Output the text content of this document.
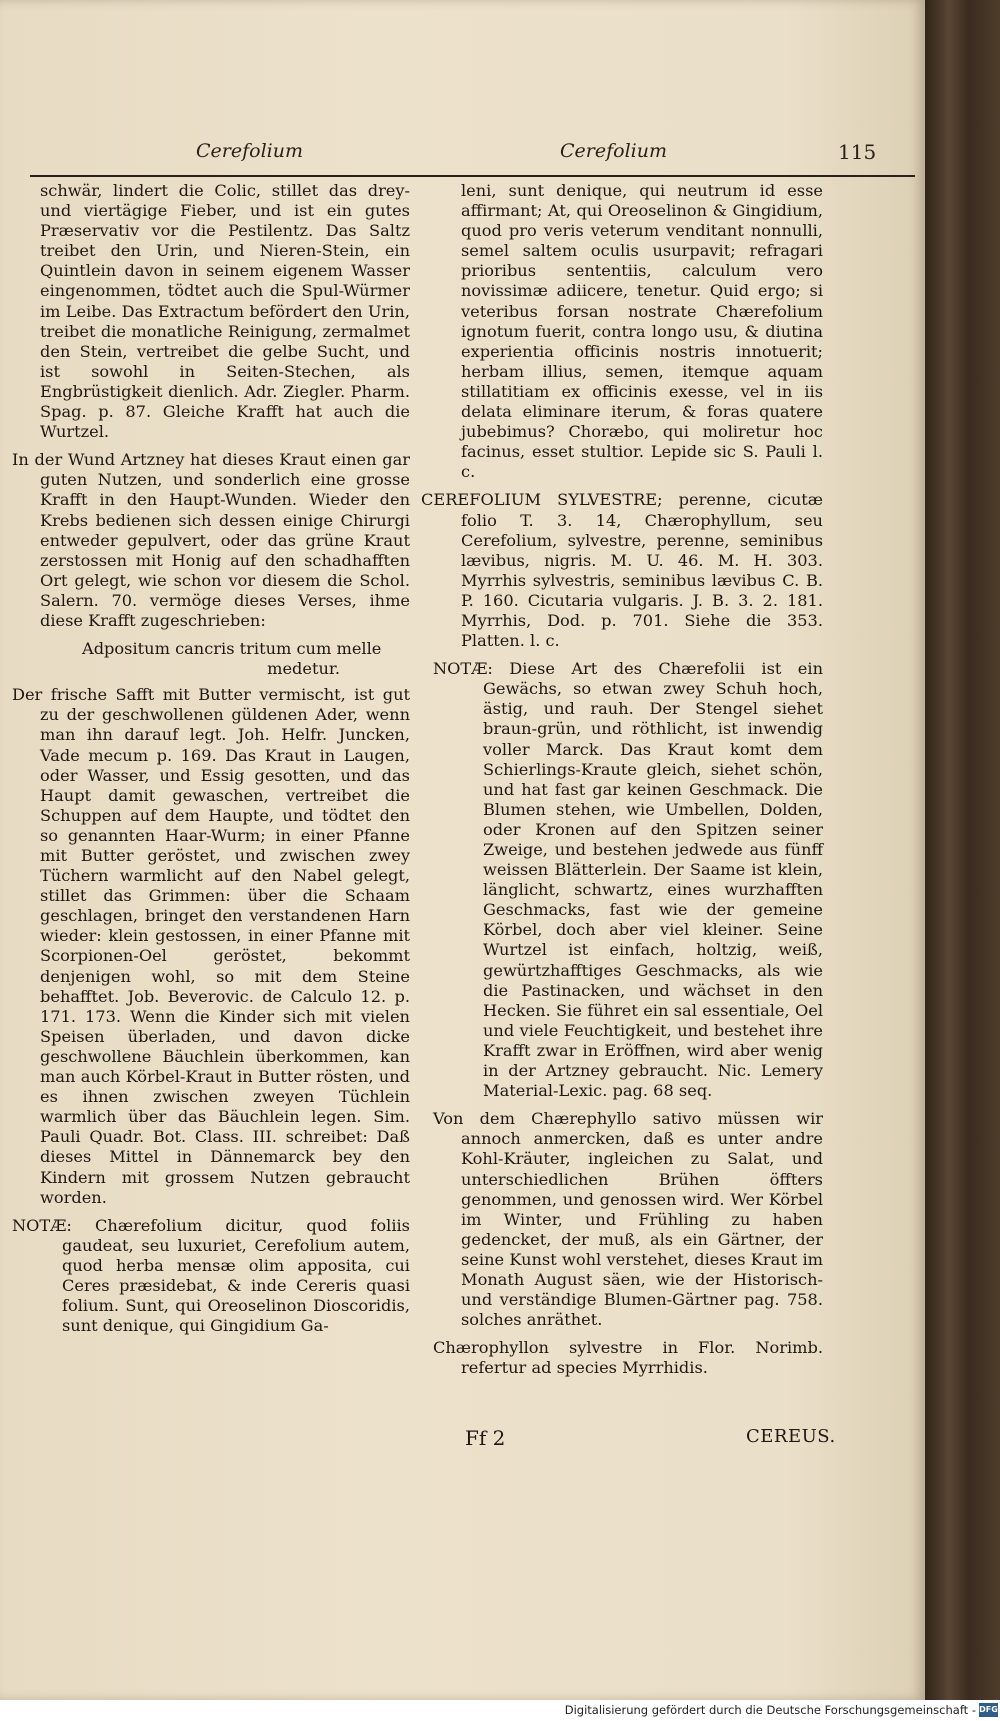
Cerefolium	Cerefolium	115

schwär, lindert die Colic, stillet das drey- und viertägige Fieber, und ist ein gutes Præservativ vor die Pestilentz. Das Saltz treibet den Urin, und Nieren-Stein, ein Quintlein davon in seinem eigenem Wasser eingenommen, tödtet auch die Spul-Würmer im Leibe. Das Extractum befördert den Urin, treibet die monatliche Reinigung, zermalmet den Stein, vertreibet die gelbe Sucht, und ist sowohl in Seiten-Stechen, als Engbrüstigkeit dienlich. Adr. Ziegler. Pharm. Spag. p. 87. Gleiche Krafft hat auch die Wurtzel.

In der Wund Artzney hat dieses Kraut einen gar guten Nutzen, und sonderlich eine grosse Krafft in den Haupt-Wunden. Wieder den Krebs bedienen sich dessen einige Chirurgi entweder gepulvert, oder das grüne Kraut zerstossen mit Honig auf den schadhafften Ort gelegt, wie schon vor diesem die Schol. Salern. 70. vermöge dieses Verses, ihme diese Krafft zugeschrieben:

Adpositum cancris tritum cum melle
medetur.

Der frische Safft mit Butter vermischt, ist gut zu der geschwollenen güldenen Ader, wenn man ihn darauf legt. Joh. Helfr. Juncken, Vade mecum p. 169. Das Kraut in Laugen, oder Wasser, und Essig gesotten, und das Haupt damit gewaschen, vertreibet die Schuppen auf dem Haupte, und tödtet den so genannten Haar-Wurm; in einer Pfanne mit Butter geröstet, und zwischen zwey Tüchern warmlicht auf den Nabel gelegt, stillet das Grimmen: über die Schaam geschlagen, bringet den verstandenen Harn wieder: klein gestossen, in einer Pfanne mit Scorpionen-Oel geröstet, bekommt denjenigen wohl, so mit dem Steine behafftet. Job. Beverovic. de Calculo 12. p. 171. 173. Wenn die Kinder sich mit vielen Speisen überladen, und davon dicke geschwollene Bäuchlein überkommen, kan man auch Körbel-Kraut in Butter rösten, und es ihnen zwischen zweyen Tüchlein warmlich über das Bäuchlein legen. Sim. Pauli Quadr. Bot. Class. III. schreibet: Daß dieses Mittel in Dännemarck bey den Kindern mit grossem Nutzen gebraucht worden.

NOTÆ: Chærefolium dicitur, quod foliis gaudeat, seu luxuriet, Cerefolium autem, quod herba mensæ olim apposita, cui Ceres præsidebat, & inde Cereris quasi folium. Sunt, qui Oreoselinon Dioscoridis, sunt denique, qui Gingidium Ga-

leni, sunt denique, qui neutrum id esse affirmant; At, qui Oreoselinon & Gingidium, quod pro veris veterum venditant nonnulli, semel saltem oculis usurpavit; refragari prioribus sententiis, calculum vero novissimæ adiicere, tenetur. Quid ergo; si veteribus forsan nostrate Chærefolium ignotum fuerit, contra longo usu, & diutina experientia officinis nostris innotuerit; herbam illius, semen, itemque aquam stillatitiam ex officinis exesse, vel in iis delata eliminare iterum, & foras quatere jubebimus? Choræbo, qui moliretur hoc facinus, esset stultior. Lepide sic S. Pauli l. c.

CEREFOLIUM SYLVESTRE; perenne, cicutæ folio T. 3. 14, Chærophyllum, seu Cerefolium, sylvestre, perenne, seminibus lævibus, nigris. M. U. 46. M. H. 303. Myrrhis sylvestris, seminibus lævibus C. B. P. 160. Cicutaria vulgaris. J. B. 3. 2. 181. Myrrhis, Dod. p. 701. Siehe die 353. Platten. l. c.

NOTÆ: Diese Art des Chærefolii ist ein Gewächs, so etwan zwey Schuh hoch, ästig, und rauh. Der Stengel siehet braun-grün, und röthlicht, ist inwendig voller Marck. Das Kraut komt dem Schierlings-Kraute gleich, siehet schön, und hat fast gar keinen Geschmack. Die Blumen stehen, wie Umbellen, Dolden, oder Kronen auf den Spitzen seiner Zweige, und bestehen jedwede aus fünff weissen Blätterlein. Der Saame ist klein, länglicht, schwartz, eines wurzhafften Geschmacks, fast wie der gemeine Körbel, doch aber viel kleiner. Seine Wurtzel ist einfach, holtzig, weiß, gewürtzhafftiges Geschmacks, als wie die Pastinacken, und wächset in den Hecken. Sie führet ein sal essentiale, Oel und viele Feuchtigkeit, und bestehet ihre Krafft zwar in Eröffnen, wird aber wenig in der Artzney gebraucht. Nic. Lemery Material-Lexic. pag. 68 seq.

Von dem Chærephyllo sativo müssen wir annoch anmercken, daß es unter andre Kohl-Kräuter, ingleichen zu Salat, und unterschiedlichen Brühen öffters genommen, und genossen wird. Wer Körbel im Winter, und Frühling zu haben gedencket, der muß, als ein Gärtner, der seine Kunst wohl verstehet, dieses Kraut im Monath August säen, wie der Historisch- und verständige Blumen-Gärtner pag. 758. solches anräthet.

Chærophyllon sylvestre in Flor. Norimb. refertur ad species Myrrhidis.

Ff 2	CEREUS.
Digitalisierung gefördert durch die Deutsche Forschungsgemeinschaft - DFG
